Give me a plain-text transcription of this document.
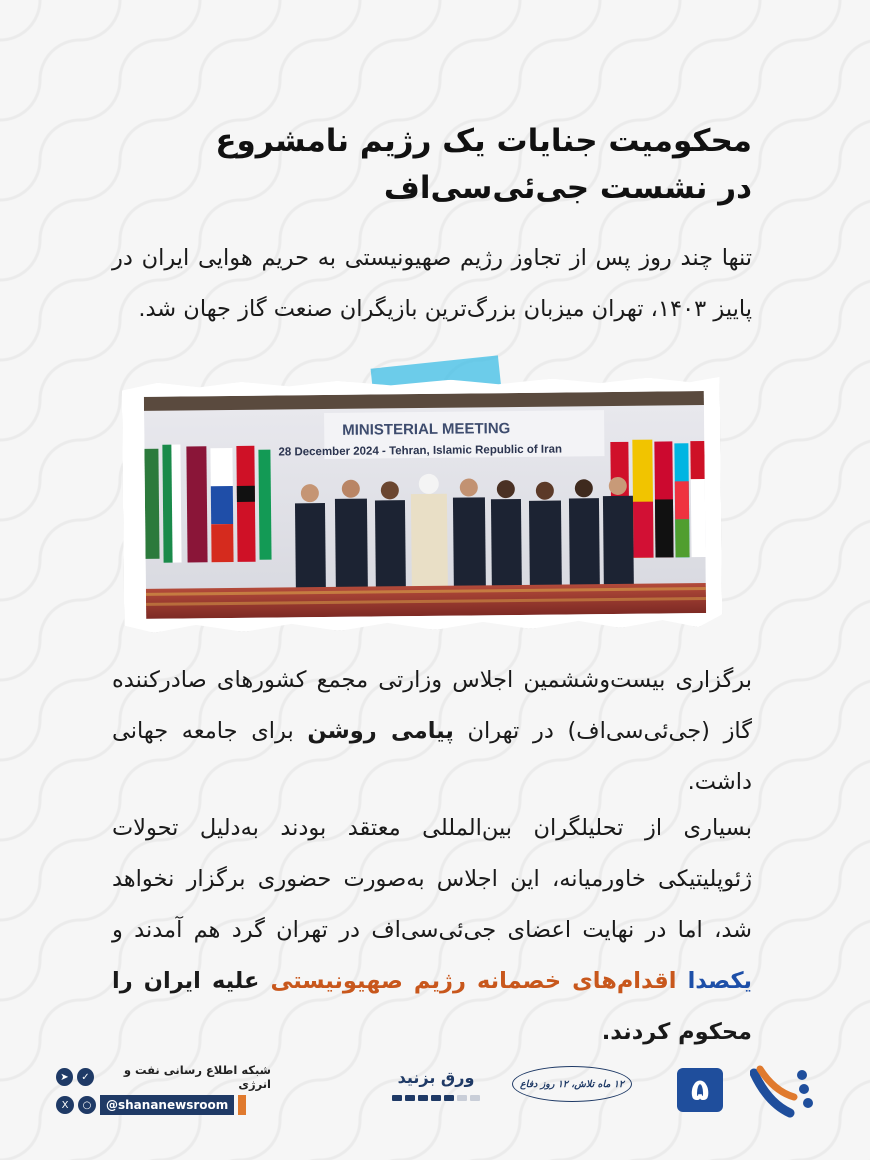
محکومیت جنایات یک رژیم نامشروع
در نشست جی‌ئی‌سی‌اف
تنها چند روز پس از تجاوز رژیم صهیونیستی به حریم هوایی ایران در پاییز ۱۴۰۳، تهران میزبان بزرگ‌ترین بازیگران صنعت گاز جهان شد.
MINISTERIAL MEETING
28 December 2024 - Tehran, Islamic Republic of Iran
برگزاری بیست‌وششمین اجلاس وزارتی مجمع کشورهای صادرکننده گاز (جی‌ئی‌سی‌اف) در تهران پیامی روشن برای جامعه جهانی داشت.
بسیاری از تحلیلگران بین‌المللی معتقد بودند به‌دلیل تحولات ژئوپلیتیکی خاورمیانه، این اجلاس به‌صورت حضوری برگزار نخواهد شد، اما در نهایت اعضای جی‌ئی‌سی‌اف در تهران گرد هم آمدند و یکصدا اقدام‌های خصمانه رژیم صهیونیستی علیه ایران را محکوم کردند.
➤	✓	شبکه اطلاع رسانی نفت و انرژی
X	○	@shananewsroom
ورق بزنید	۱۲ ماه تلاش، ۱۲ روز دفاع	۵
